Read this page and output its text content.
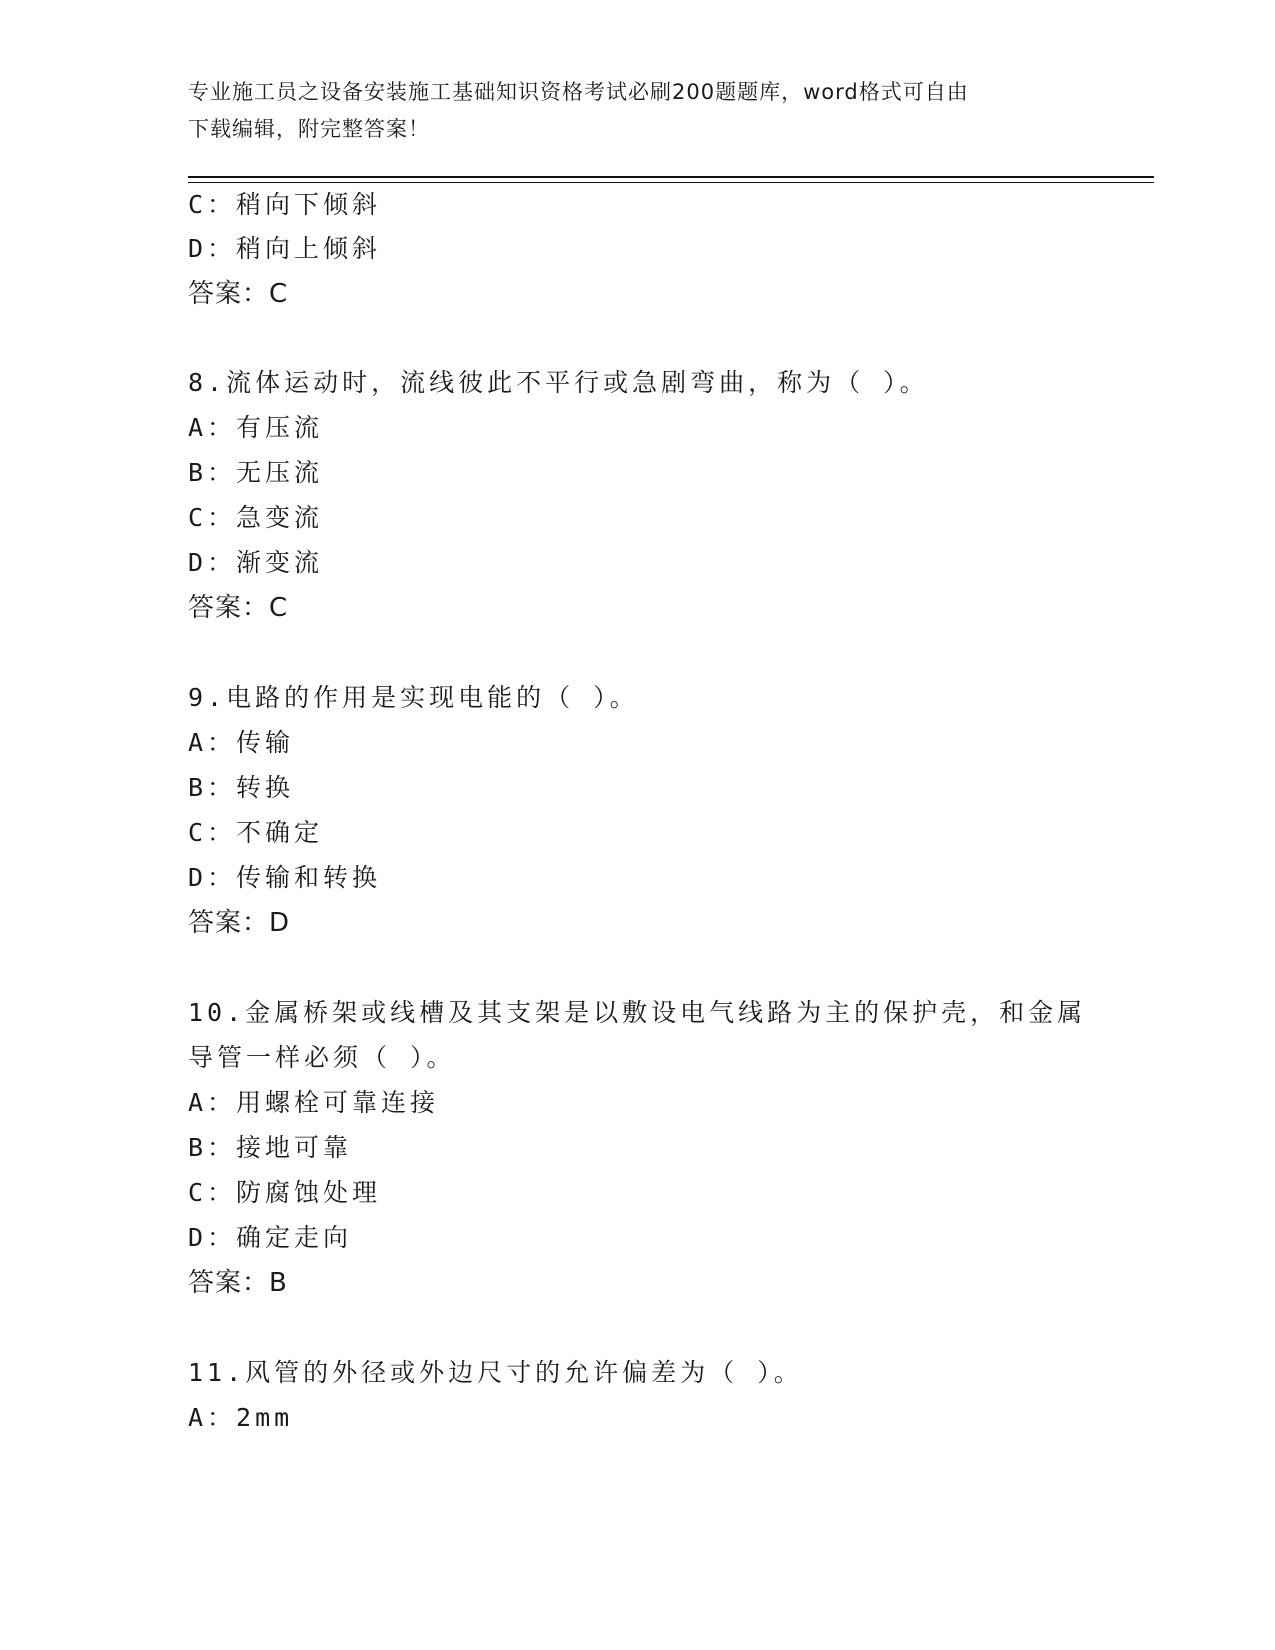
专业施工员之设备安装施工基础知识资格考试必刷200题题库，word格式可自由
下载编辑，附完整答案！
C：稍向下倾斜
D：稍向上倾斜
答案：C
8.流体运动时，流线彼此不平行或急剧弯曲，称为（ ）。
A：有压流
B：无压流
C：急变流
D：渐变流
答案：C
9.电路的作用是实现电能的（ ）。
A：传输
B：转换
C：不确定
D：传输和转换
答案：D
10.金属桥架或线槽及其支架是以敷设电气线路为主的保护壳，和金属
导管一样必须（ ）。
A：用螺栓可靠连接
B：接地可靠
C：防腐蚀处理
D：确定走向
答案：B
11.风管的外径或外边尺寸的允许偏差为（ ）。
A：2mm
